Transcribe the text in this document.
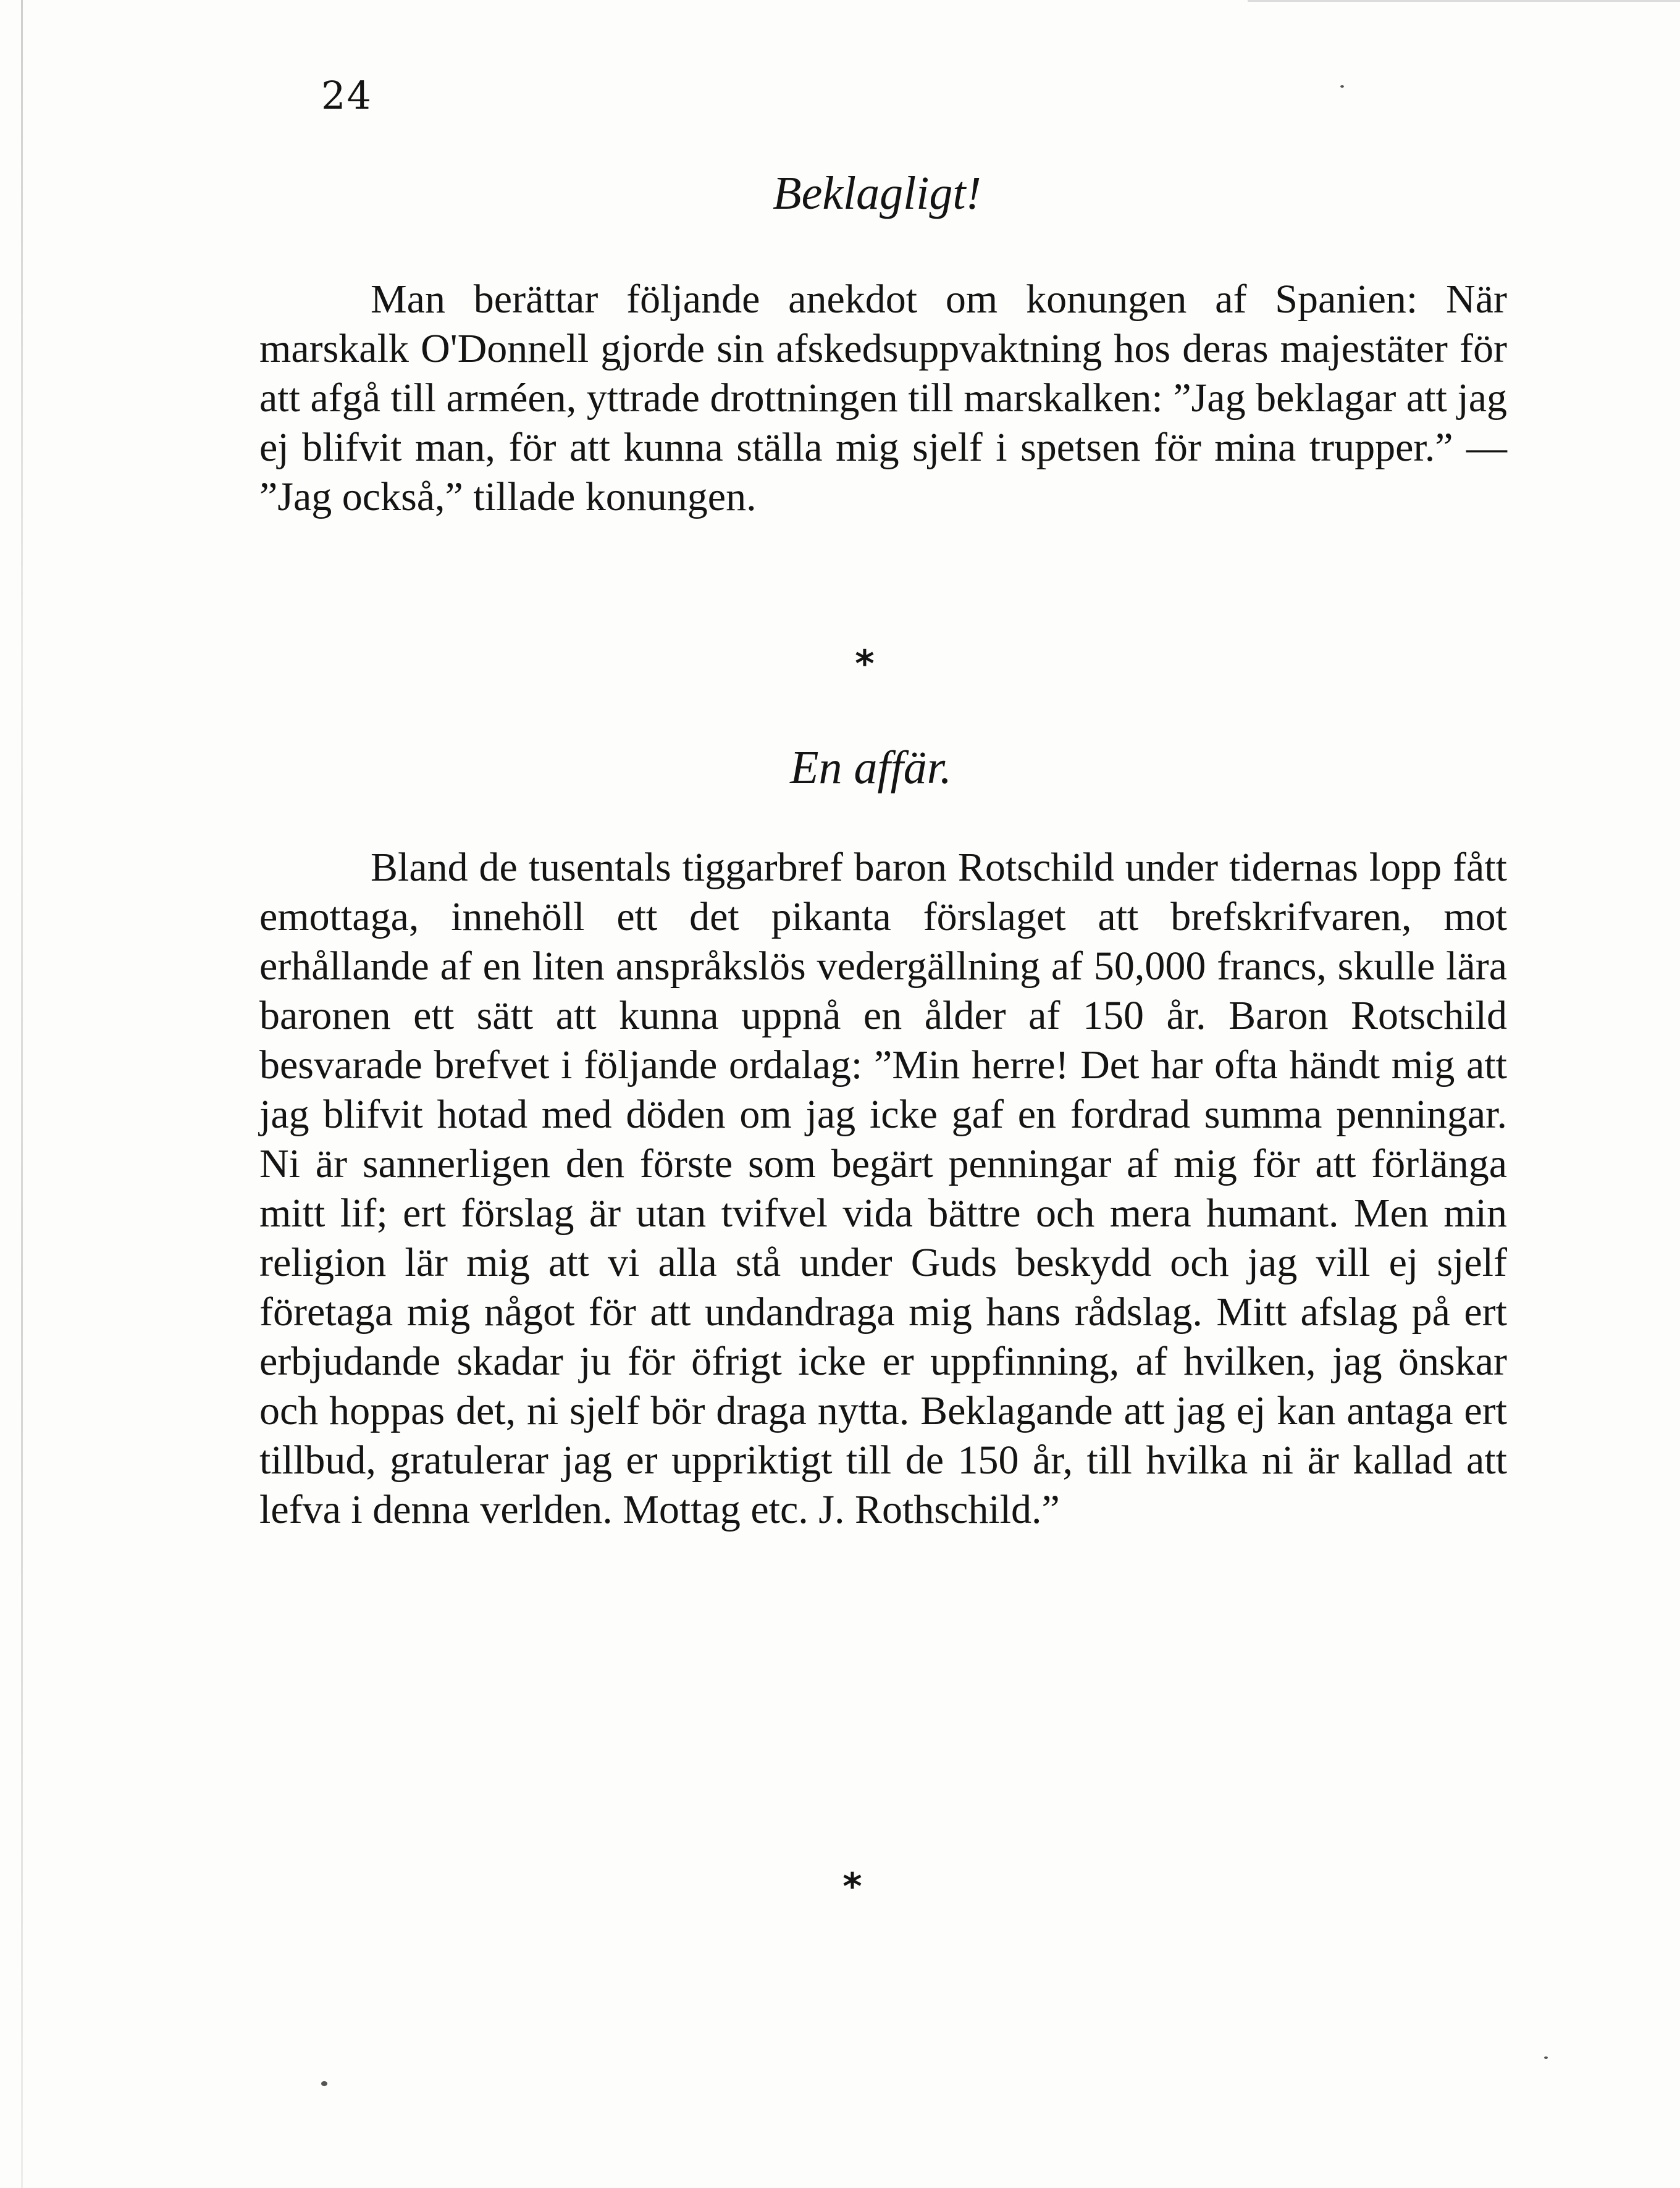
24
Beklagligt!

Man berättar följande anekdot om konungen af Spanien: När marskalk O'Donnell gjorde sin afskedsuppvaktning hos deras majestäter för att afgå till arméen, yttrade drottningen till marskalken: ”Jag beklagar att jag ej blifvit man, för att kunna ställa mig sjelf i spetsen för mina trupper.” — ”Jag också,” tillade konungen.

*
En affär.

Bland de tusentals tiggarbref baron Rotschild under tidernas lopp fått emottaga, innehöll ett det pikanta förslaget att brefskrifvaren, mot erhållande af en liten anspråkslös vedergällning af 50,000 francs, skulle lära baronen ett sätt att kunna uppnå en ålder af 150 år. Baron Rotschild besvarade brefvet i följande ordalag: ”Min herre! Det har ofta händt mig att jag blifvit hotad med döden om jag icke gaf en fordrad summa penningar. Ni är sannerligen den förste som begärt penningar af mig för att förlänga mitt lif; ert förslag är utan tvifvel vida bättre och mera humant. Men min religion lär mig att vi alla stå under Guds beskydd och jag vill ej sjelf företaga mig något för att undandraga mig hans rådslag. Mitt afslag på ert erbjudande skadar ju för öfrigt icke er uppfinning, af hvilken, jag önskar och hoppas det, ni sjelf bör draga nytta. Beklagande att jag ej kan antaga ert tillbud, gratulerar jag er uppriktigt till de 150 år, till hvilka ni är kallad att lefva i denna verlden. Mottag etc. J. Rothschild.”

*
